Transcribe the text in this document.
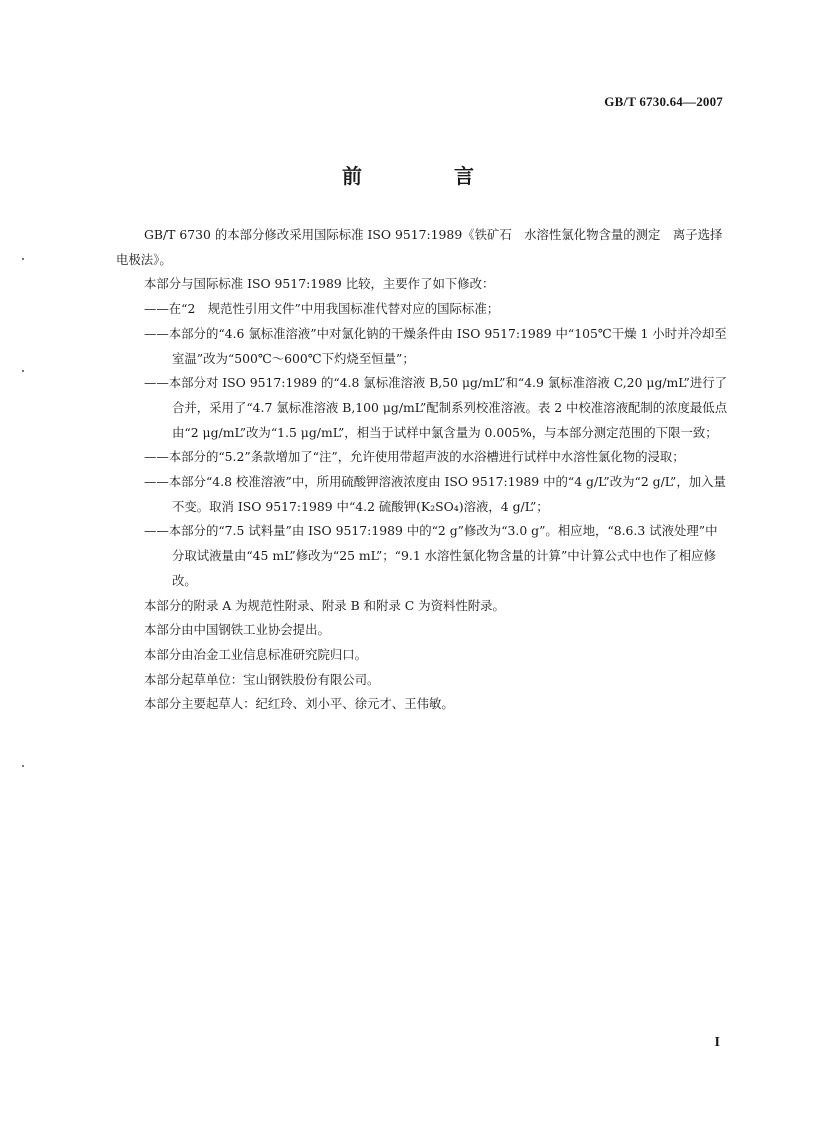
GB/T 6730.64—2007
前　言

GB/T 6730 的本部分修改采用国际标准 ISO 9517:1989《铁矿石　水溶性氯化物含量的测定　离子选择电极法》。

本部分与国际标准 ISO 9517:1989 比较，主要作了如下修改：

——在“2　规范性引用文件”中用我国标准代替对应的国际标准；

——本部分的“4.6 氯标准溶液”中对氯化钠的干燥条件由 ISO 9517:1989 中“105℃干燥 1 小时并冷却至室温”改为“500℃～600℃下灼烧至恒量”；

——本部分对 ISO 9517:1989 的“4.8 氯标准溶液 B,50 μg/mL”和“4.9 氯标准溶液 C,20 μg/mL”进行了合并，采用了“4.7 氯标准溶液 B,100 μg/mL”配制系列校准溶液。表 2 中校准溶液配制的浓度最低点由“2 μg/mL”改为“1.5 μg/mL”，相当于试样中氯含量为 0.005%，与本部分测定范围的下限一致；

——本部分的“5.2”条款增加了“注”，允许使用带超声波的水浴槽进行试样中水溶性氯化物的浸取；

——本部分“4.8 校准溶液”中，所用硫酸钾溶液浓度由 ISO 9517:1989 中的“4 g/L”改为“2 g/L”，加入量不变。取消 ISO 9517:1989 中“4.2 硫酸钾(K₂SO₄)溶液，4 g/L”；

——本部分的“7.5 试料量”由 ISO 9517:1989 中的“2 g”修改为“3.0 g”。相应地，“8.6.3 试液处理”中分取试液量由“45 mL”修改为“25 mL”；“9.1 水溶性氯化物含量的计算”中计算公式中也作了相应修改。

本部分的附录 A 为规范性附录、附录 B 和附录 C 为资料性附录。

本部分由中国钢铁工业协会提出。

本部分由冶金工业信息标准研究院归口。

本部分起草单位：宝山钢铁股份有限公司。

本部分主要起草人：纪红玲、刘小平、徐元才、王伟敏。

I
